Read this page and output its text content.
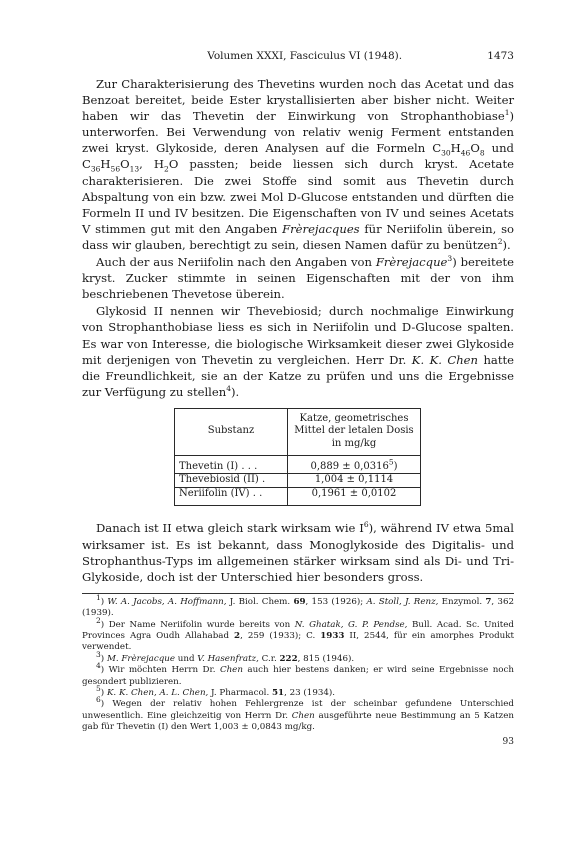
Volumen XXXI, Fasciculus VI (1948).	1473

Zur Charakterisierung des Thevetins wurden noch das Acetat und das Benzoat bereitet, beide Ester krystallisierten aber bisher nicht. Weiter haben wir das Thevetin der Einwirkung von Strophanthobiase$^1$) unterworfen. Bei Verwendung von relativ wenig Ferment entstanden zwei kryst. Glykoside, deren Analysen auf die Formeln $C_{30}H_{46}O_8$ und $C_{36}H_{56}O_{13}$, $H_2O$ passten; beide liessen sich durch kryst. Acetate charakterisieren. Die zwei Stoffe sind somit aus Thevetin durch Abspaltung von ein bzw. zwei Mol D-Glucose entstanden und dürften die Formeln II und IV besitzen. Die Eigenschaften von IV und seines Acetats V stimmen gut mit den Angaben Frèrejacques für Neriifolin überein, so dass wir glauben, berechtigt zu sein, diesen Namen dafür zu benützen$^2$).

Auch der aus Neriifolin nach den Angaben von Frèrejacque$^3$) bereitete kryst. Zucker stimmte in seinen Eigenschaften mit der von ihm beschriebenen Thevetose überein.

Glykosid II nennen wir Thevebiosid; durch nochmalige Einwirkung von Strophanthobiase liess es sich in Neriifolin und D-Glucose spalten. Es war von Interesse, die biologische Wirksamkeit dieser zwei Glykoside mit derjenigen von Thevetin zu vergleichen. Herr Dr. K. K. Chen hatte die Freundlichkeit, sie an der Katze zu prüfen und uns die Ergebnisse zur Verfügung zu stellen$^4$).

Substanz	Katze, geometrisches Mittel der letalen Dosis in mg/kg
Thevetin (I) . . .	$0,889 \pm 0,0316^5$)
Thevebiosid (II) .	1,004 ± 0,1114
Neriifolin (IV) . .	0,1961 ± 0,0102

Danach ist II etwa gleich stark wirksam wie $I^6$), während IV etwa 5mal wirksamer ist. Es ist bekannt, dass Monoglykoside des Digitalis- und Strophanthus-Typs im allgemeinen stärker wirksam sind als Di- und Tri-Glykoside, doch ist der Unterschied hier besonders gross.

$^1$) W. A. Jacobs, A. Hoffmann, J. Biol. Chem. 69, 153 (1926); A. Stoll, J. Renz, Enzymol. 7, 362 (1939).
$^2$) Der Name Neriifolin wurde bereits von N. Ghatak, G. P. Pendse, Bull. Acad. Sc. United Provinces Agra Oudh Allahabad 2, 259 (1933); C. 1933 II, 2544, für ein amorphes Produkt verwendet.
$^3$) M. Frèrejacque und V. Hasenfratz, C.r. 222, 815 (1946).
$^4$) Wir möchten Herrn Dr. Chen auch hier bestens danken; er wird seine Ergebnisse noch gesondert publizieren.
$^5$) K. K. Chen, A. L. Chen, J. Pharmacol. 51, 23 (1934).
$^6$) Wegen der relativ hohen Fehlergrenze ist der scheinbar gefundene Unterschied unwesentlich. Eine gleichzeitig von Herrn Dr. Chen ausgeführte neue Bestimmung an 5 Katzen gab für Thevetin (I) den Wert 1,003 ± 0,0843 mg/kg.
93
